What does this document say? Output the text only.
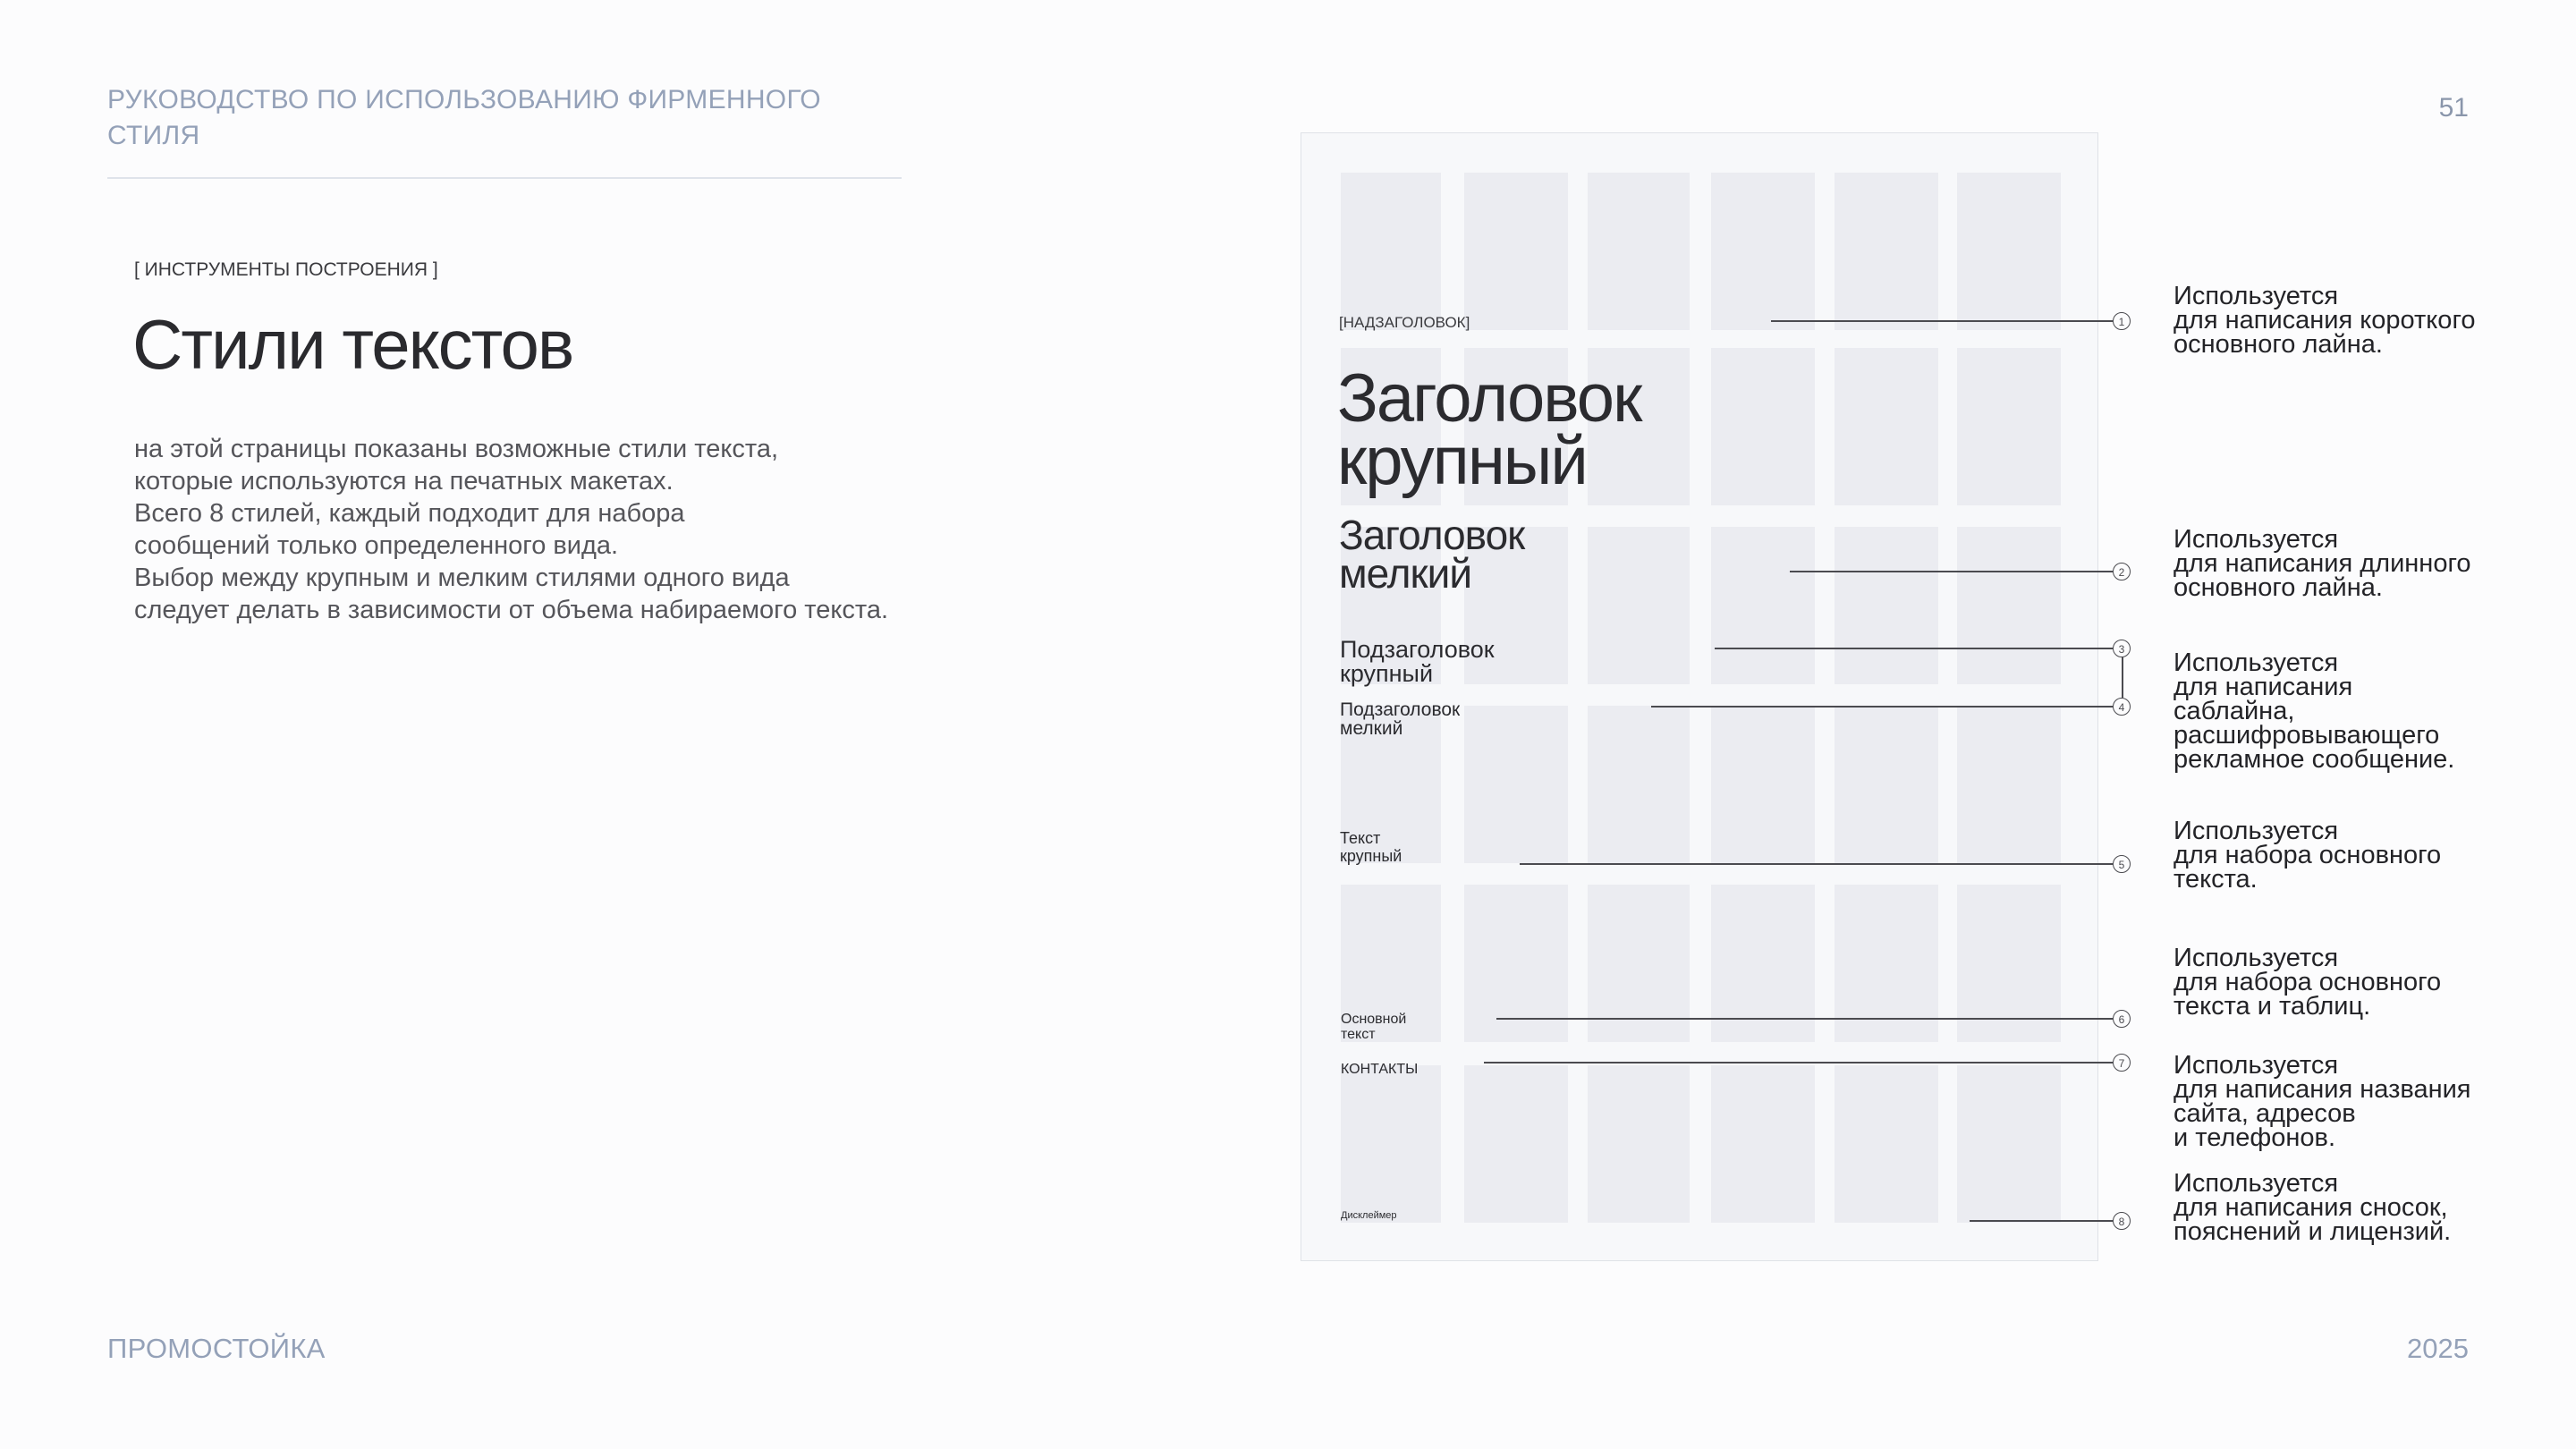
РУКОВОДСТВО ПО ИСПОЛЬЗОВАНИЮ ФИРМЕННОГО СТИЛЯ
51
[ ИНСТРУМЕНТЫ ПОСТРОЕНИЯ ]
Стили текстов
на этой страницы показаны возможные стили текста,
которые используются на печатных макетах.
Всего 8 стилей, каждый подходит для набора
сообщений только определенного вида.
Выбор между крупным и мелким стилями одного вида
следует делать в зависимости от объема набираемого текста.
[НАДЗАГОЛОВОК]
Заголовок
крупный
Заголовок
мелкий
Подзаголовок
крупный
Подзаголовок
мелкий
Текст
крупный
Основной
текст
КОНТАКТЫ
Дисклеймер
1
2
3
4
5
6
7
8
Используется
для написания короткого
основного лайна.
Используется
для написания длинного
основного лайна.
Используется
для написания
саблайна,
расшифровывающего
рекламное сообщение.
Используется
для набора основного
текста.
Используется
для набора основного
текста и таблиц.
Используется
для написания названия
сайта, адресов
и телефонов.
Используется
для написания сносок,
пояснений и лицензий.
ПРОМОСТОЙКА	2025
